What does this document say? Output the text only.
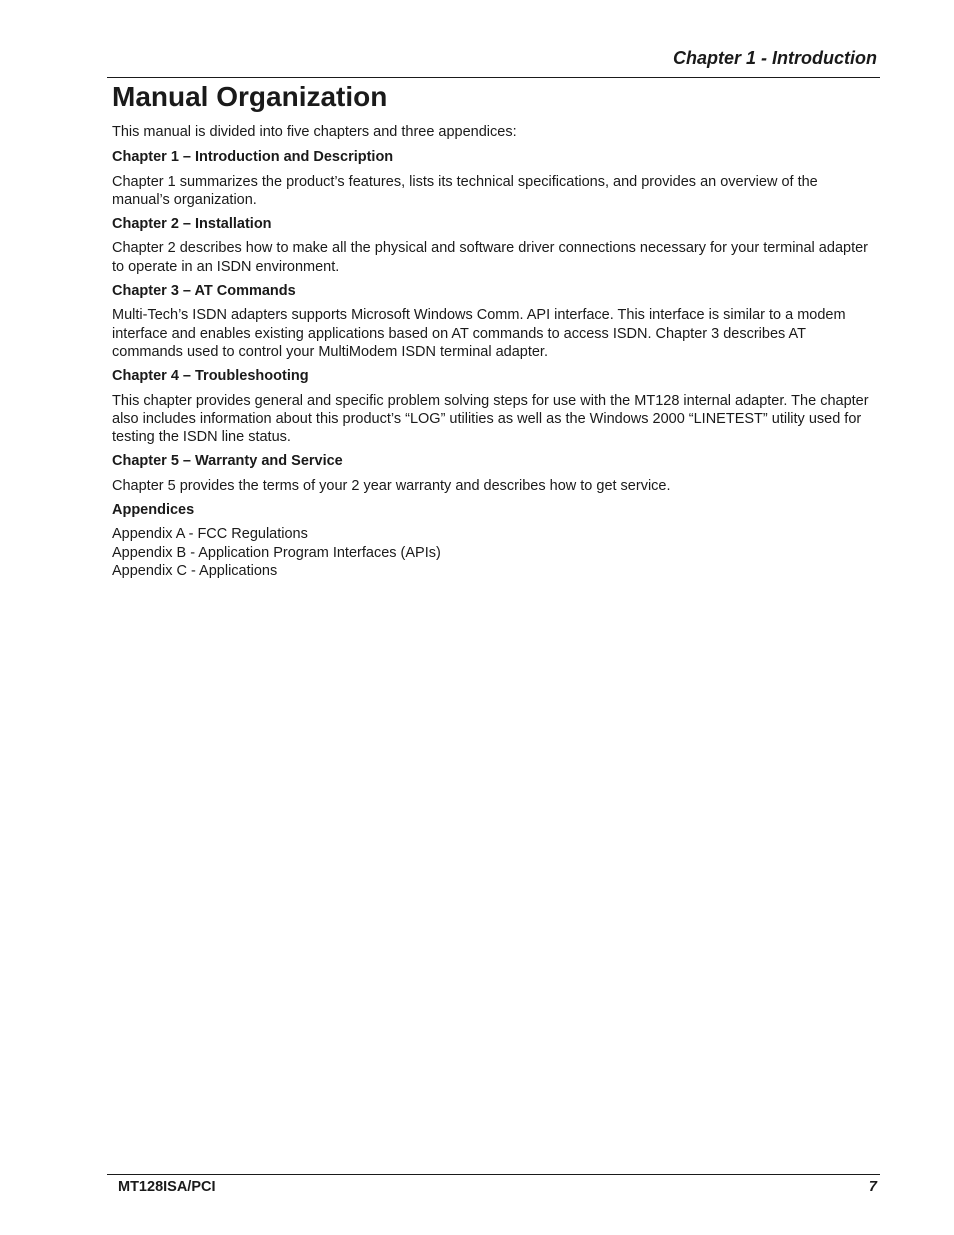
Chapter 1 - Introduction
Manual Organization

This manual is divided into five chapters and three appendices:

Chapter 1 – Introduction and Description

Chapter 1 summarizes the product’s features, lists its technical specifications, and provides an overview of the manual’s organization.

Chapter 2 – Installation

Chapter 2 describes how to make all the physical and software driver connections necessary for your terminal adapter to operate in an ISDN environment.

Chapter 3 – AT Commands

Multi-Tech’s ISDN adapters supports Microsoft Windows Comm. API interface. This interface is similar to a modem interface and enables existing applications based on AT commands to access ISDN. Chapter 3 describes AT commands used to control your MultiModem ISDN terminal adapter.

Chapter 4 – Troubleshooting

This chapter provides general and specific problem solving steps for use with the MT128 internal adapter. The chapter also includes information about this product’s “LOG” utilities as well as the Windows 2000 “LINETEST” utility used for testing the ISDN line status.

Chapter 5 – Warranty and Service

Chapter 5 provides the terms of your 2 year warranty and describes how to get service.

Appendices

Appendix A - FCC Regulations
Appendix B - Application Program Interfaces (APIs)
Appendix C - Applications
MT128ISA/PCI	7
